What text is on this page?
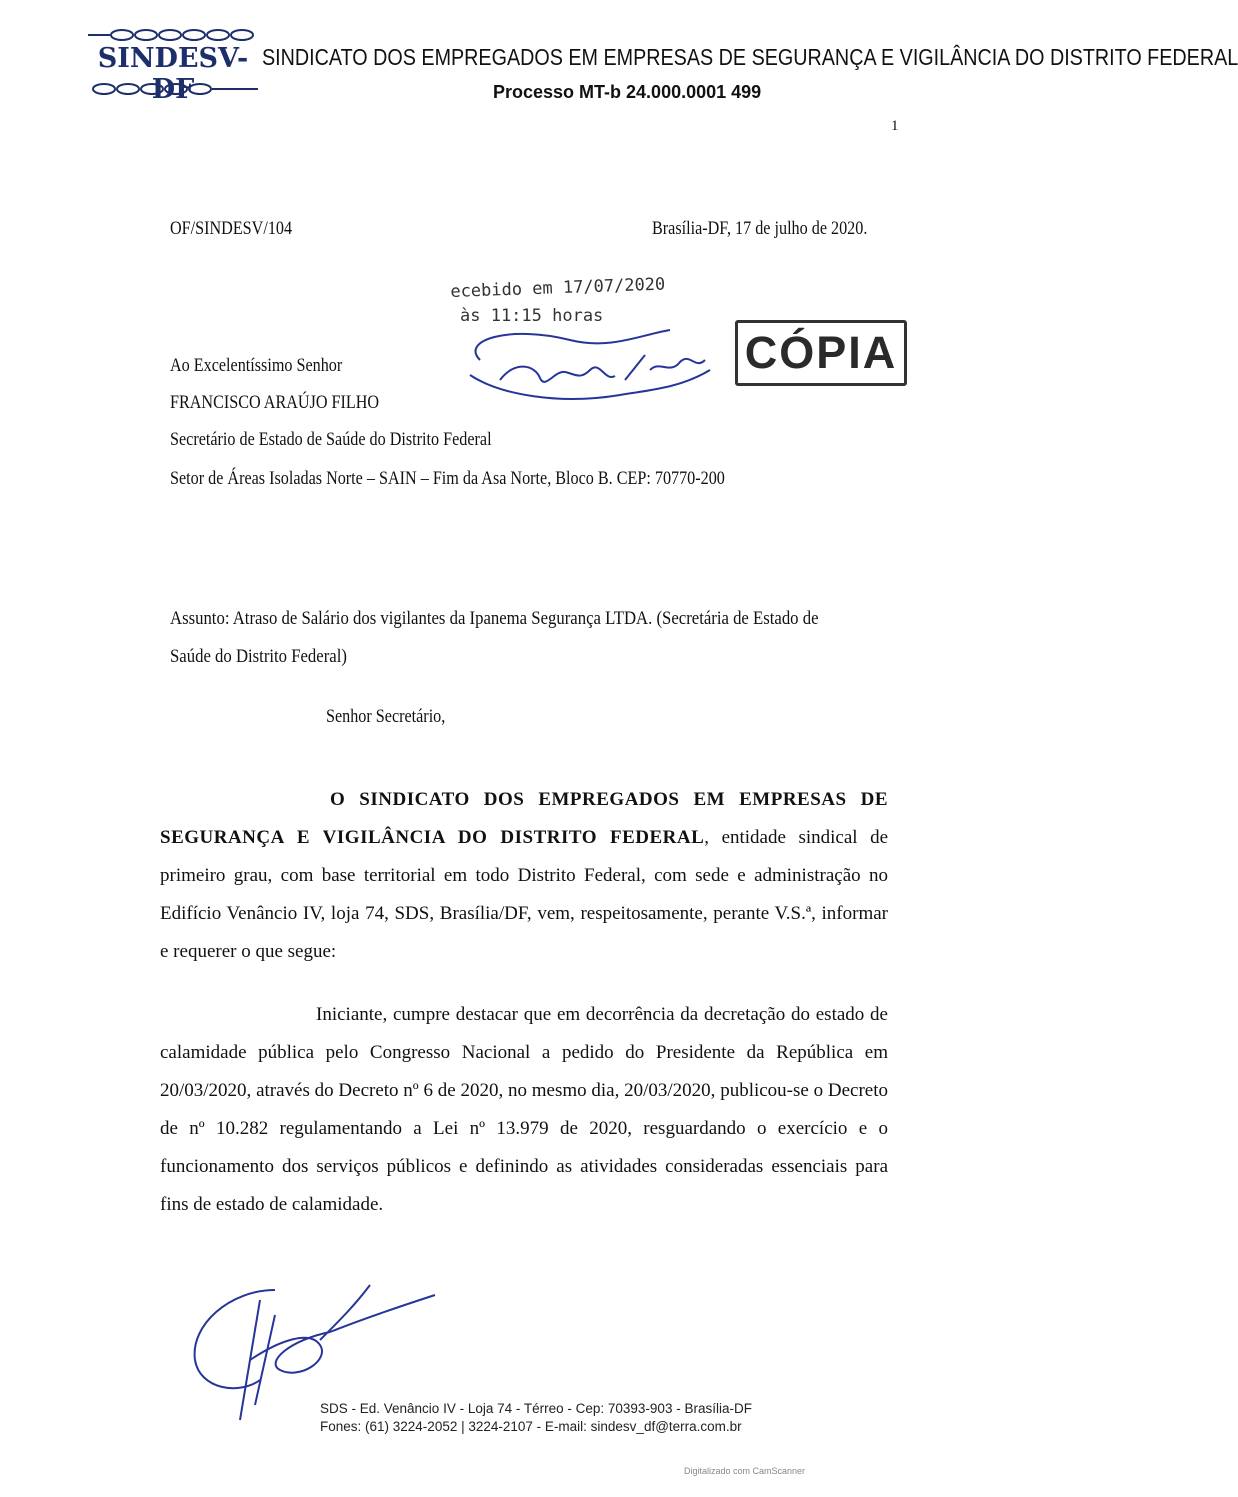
SINDESV-DF
SINDICATO DOS EMPREGADOS EM EMPRESAS DE SEGURANÇA E VIGILÂNCIA DO DISTRITO FEDERAL
Processo MT-b 24.000.0001 499
1
OF/SINDESV/104	Brasília-DF, 17 de julho de 2020.
ecebido em 17/07/2020
às 11:15 horas
CÓPIA
Ao Excelentíssimo Senhor
FRANCISCO ARAÚJO FILHO
Secretário de Estado de Saúde do Distrito Federal
Setor de Áreas Isoladas Norte – SAIN – Fim da Asa Norte, Bloco B. CEP: 70770-200
Assunto: Atraso de Salário dos vigilantes da Ipanema Segurança LTDA. (Secretária de Estado de
Saúde do Distrito Federal)
Senhor Secretário,
O SINDICATO DOS EMPREGADOS EM EMPRESAS DE SEGURANÇA E VIGILÂNCIA DO DISTRITO FEDERAL, entidade sindical de primeiro grau, com base territorial em todo Distrito Federal, com sede e administração no Edifício Venâncio IV, loja 74, SDS, Brasília/DF, vem, respeitosamente, perante V.S.ª, informar e requerer o que segue:
Iniciante, cumpre destacar que em decorrência da decretação do estado de calamidade pública pelo Congresso Nacional a pedido do Presidente da República em 20/03/2020, através do Decreto nº 6 de 2020, no mesmo dia, 20/03/2020, publicou-se o Decreto de nº 10.282 regulamentando a Lei nº 13.979 de 2020, resguardando o exercício e o funcionamento dos serviços públicos e definindo as atividades consideradas essenciais para fins de estado de calamidade.
SDS - Ed. Venâncio IV - Loja 74 - Térreo - Cep: 70393-903 - Brasília-DF
Fones: (61) 3224-2052 | 3224-2107 - E-mail: sindesv_df@terra.com.br
Digitalizado com CamScanner
